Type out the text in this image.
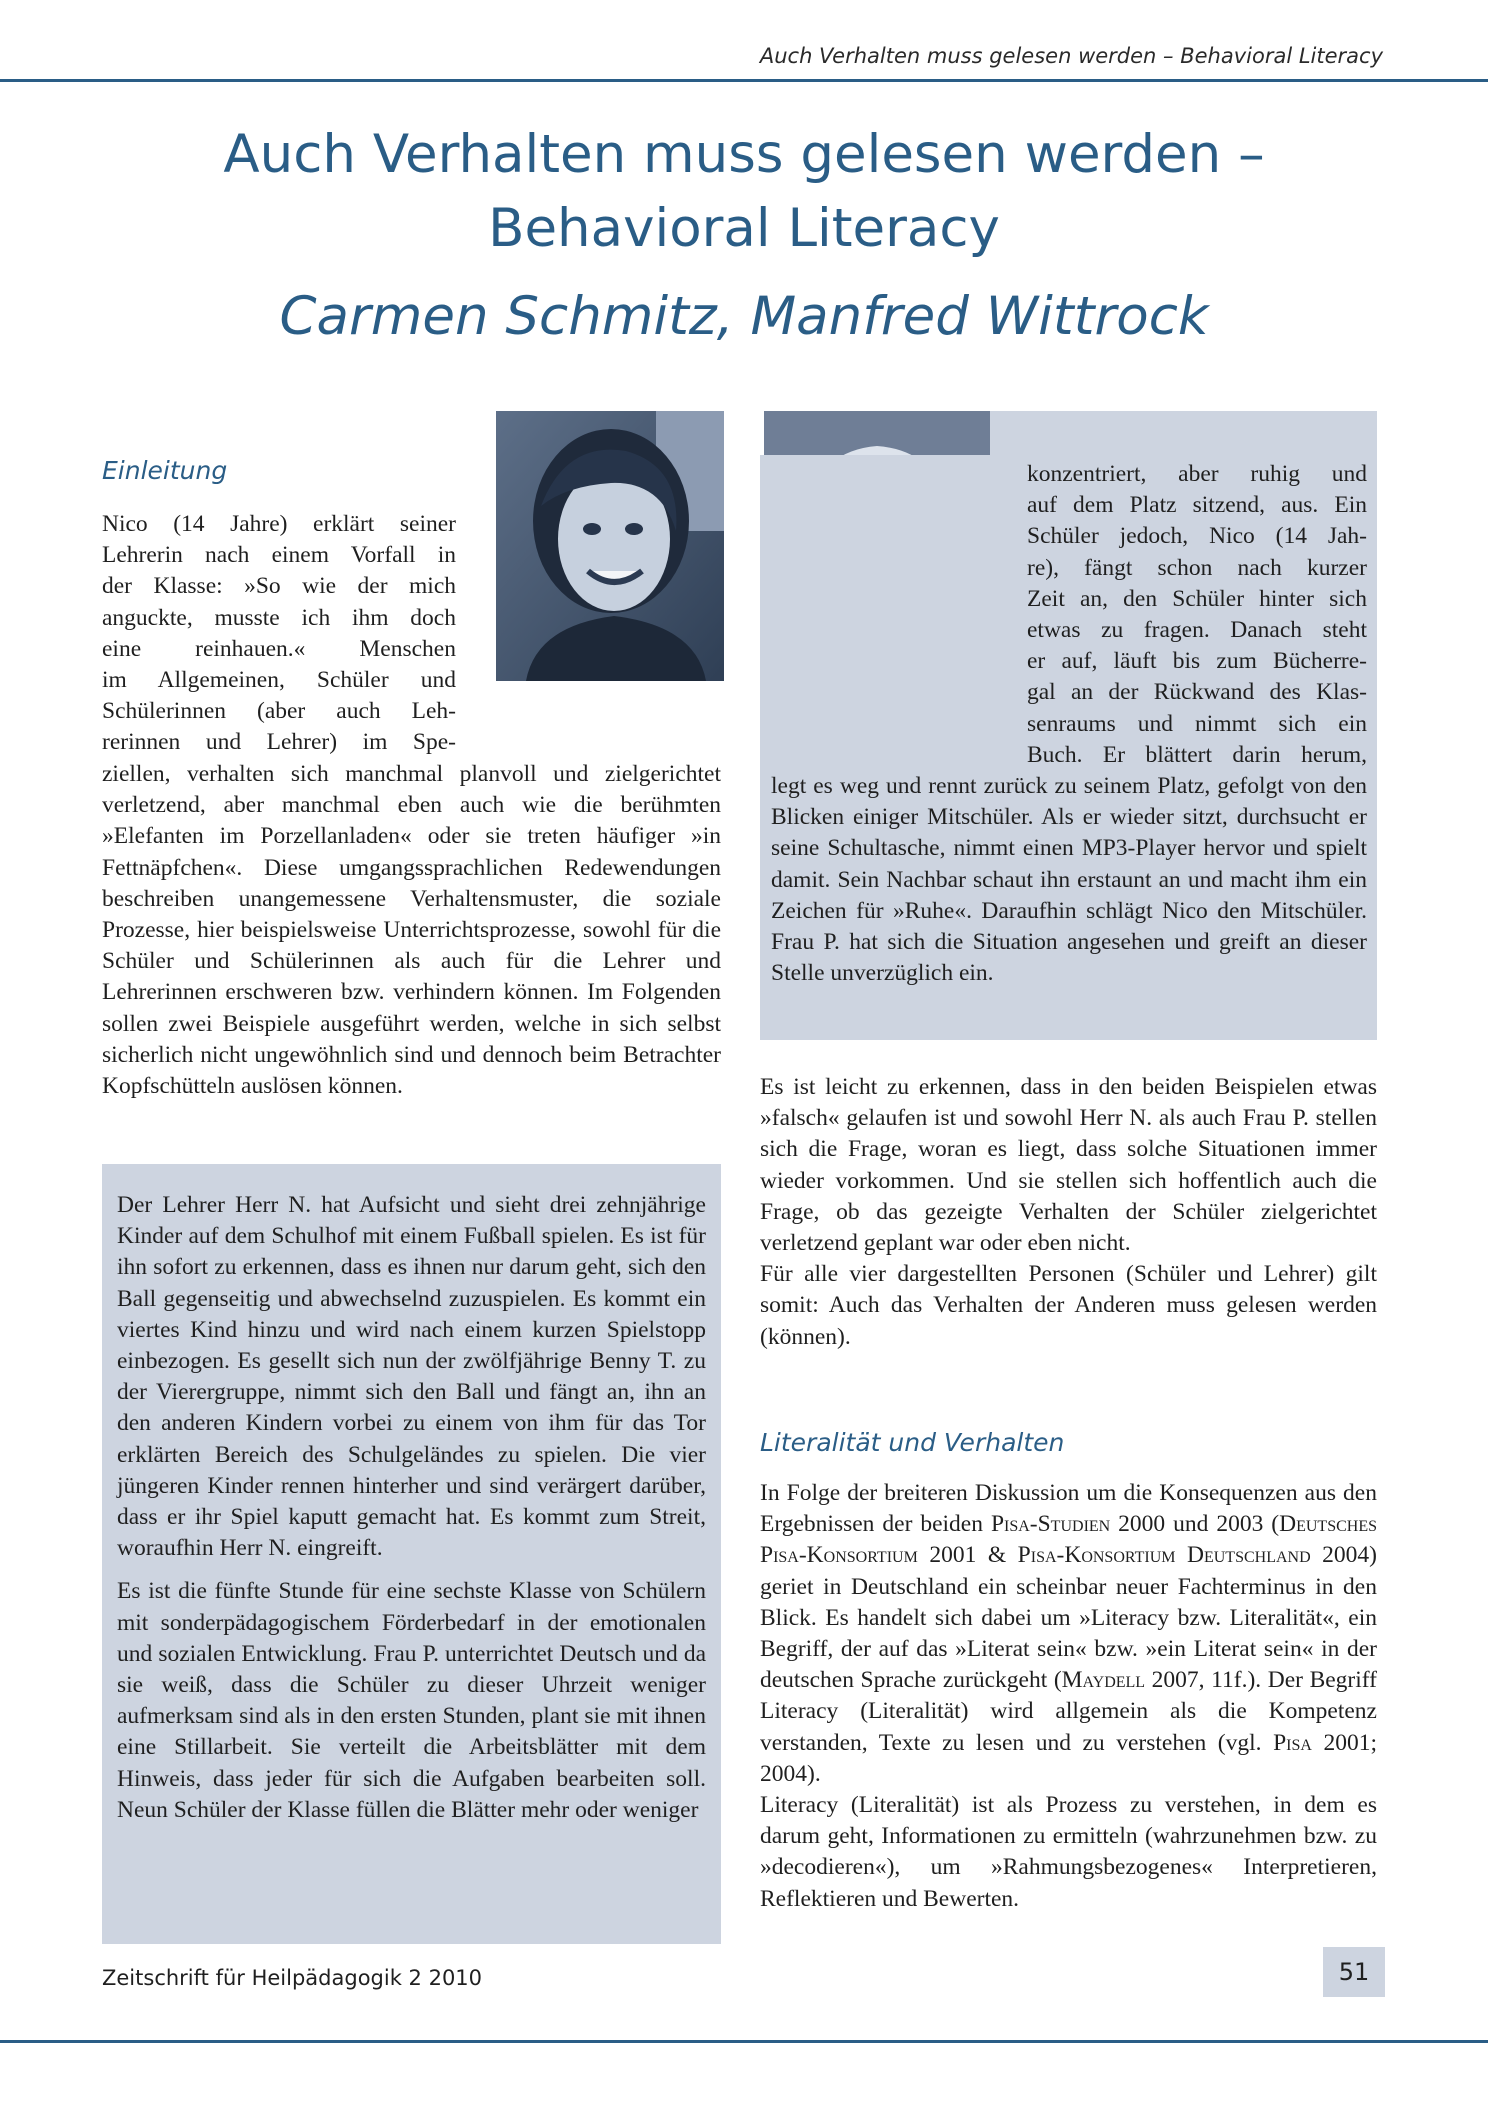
Auch Verhalten muss gelesen werden – Behavioral Literacy
Auch Verhalten muss gelesen werden –
Behavioral Literacy
Carmen Schmitz, Manfred Wittrock
Einleitung
Nico (14 Jahre) erklärt seiner
Lehrerin nach einem Vorfall in
der Klasse: »So wie der mich
anguckte, musste ich ihm doch
eine reinhauen.« Menschen
im Allgemeinen, Schüler und
Schülerinnen (aber auch Leh-
rerinnen und Lehrer) im Spe-

ziellen, verhalten sich manchmal planvoll und zielgerichtet verletzend, aber manchmal eben auch wie die berühmten »Elefanten im Porzellanladen« oder sie treten häufiger »in Fettnäpfchen«. Diese umgangssprachlichen Redewendungen beschreiben unangemessene Verhaltensmuster, die soziale Prozesse, hier beispielsweise Unterrichtsprozesse, sowohl für die Schüler und Schülerinnen als auch für die Lehrer und Lehrerinnen erschweren bzw. verhindern können. Im Folgenden sollen zwei Beispiele ausgeführt werden, welche in sich selbst sicherlich nicht ungewöhnlich sind und dennoch beim Betrachter Kopfschütteln auslösen können.

Der Lehrer Herr N. hat Aufsicht und sieht drei zehnjährige Kinder auf dem Schulhof mit einem Fußball spielen. Es ist für ihn sofort zu erkennen, dass es ihnen nur darum geht, sich den Ball gegenseitig und abwechselnd zuzuspielen. Es kommt ein viertes Kind hinzu und wird nach einem kurzen Spielstopp einbezogen. Es gesellt sich nun der zwölfjährige Benny T. zu der Vierergruppe, nimmt sich den Ball und fängt an, ihn an den anderen Kindern vorbei zu einem von ihm für das Tor erklärten Bereich des Schulgeländes zu spielen. Die vier jüngeren Kinder rennen hinterher und sind verärgert darüber, dass er ihr Spiel kaputt gemacht hat. Es kommt zum Streit, woraufhin Herr N. eingreift.

Es ist die fünfte Stunde für eine sechste Klasse von Schülern mit sonderpädagogischem Förderbedarf in der emotionalen und sozialen Entwicklung. Frau P. unterrichtet Deutsch und da sie weiß, dass die Schüler zu dieser Uhrzeit weniger aufmerksam sind als in den ersten Stunden, plant sie mit ihnen eine Stillarbeit. Sie verteilt die Arbeitsblätter mit dem Hinweis, dass jeder für sich die Aufgaben bearbeiten soll. Neun Schüler der Klasse füllen die Blätter mehr oder weniger

konzentriert, aber ruhig und
auf dem Platz sitzend, aus. Ein
Schüler jedoch, Nico (14 Jah-
re), fängt schon nach kurzer
Zeit an, den Schüler hinter sich
etwas zu fragen. Danach steht
er auf, läuft bis zum Bücherre-
gal an der Rückwand des Klas-
senraums und nimmt sich ein
Buch. Er blättert darin herum,

legt es weg und rennt zurück zu seinem Platz, gefolgt von den Blicken einiger Mitschüler. Als er wieder sitzt, durchsucht er seine Schultasche, nimmt einen MP3-Player hervor und spielt damit. Sein Nachbar schaut ihn erstaunt an und macht ihm ein Zeichen für »Ruhe«. Daraufhin schlägt Nico den Mitschüler. Frau P. hat sich die Situation angesehen und greift an dieser Stelle unverzüglich ein.

Es ist leicht zu erkennen, dass in den beiden Beispielen etwas »falsch« gelaufen ist und sowohl Herr N. als auch Frau P. stellen sich die Frage, woran es liegt, dass solche Situationen immer wieder vorkommen. Und sie stellen sich hoffentlich auch die Frage, ob das gezeigte Verhalten der Schüler zielgerichtet verletzend geplant war oder eben nicht.

Für alle vier dargestellten Personen (Schüler und Lehrer) gilt somit: Auch das Verhalten der Anderen muss gelesen werden (können).

Literalität und Verhalten

In Folge der breiteren Diskussion um die Konsequenzen aus den Ergebnissen der beiden Pisa-Studien 2000 und 2003 (Deutsches Pisa-Konsortium 2001 & Pisa-Konsortium Deutschland 2004) geriet in Deutschland ein scheinbar neuer Fachterminus in den Blick. Es handelt sich dabei um »Literacy bzw. Literalität«, ein Begriff, der auf das »Literat sein« bzw. »ein Literat sein« in der deutschen Sprache zurückgeht (Maydell 2007, 11f.). Der Begriff Literacy (Literalität) wird allgemein als die Kompetenz verstanden, Texte zu lesen und zu verstehen (vgl. Pisa 2001; 2004).

Literacy (Literalität) ist als Prozess zu verstehen, in dem es darum geht, Informationen zu ermitteln (wahrzunehmen bzw. zu »decodieren«), um »Rahmungsbezogenes« Interpretieren, Reflektieren und Bewerten.

Zeitschrift für Heilpädagogik 2 2010	51
